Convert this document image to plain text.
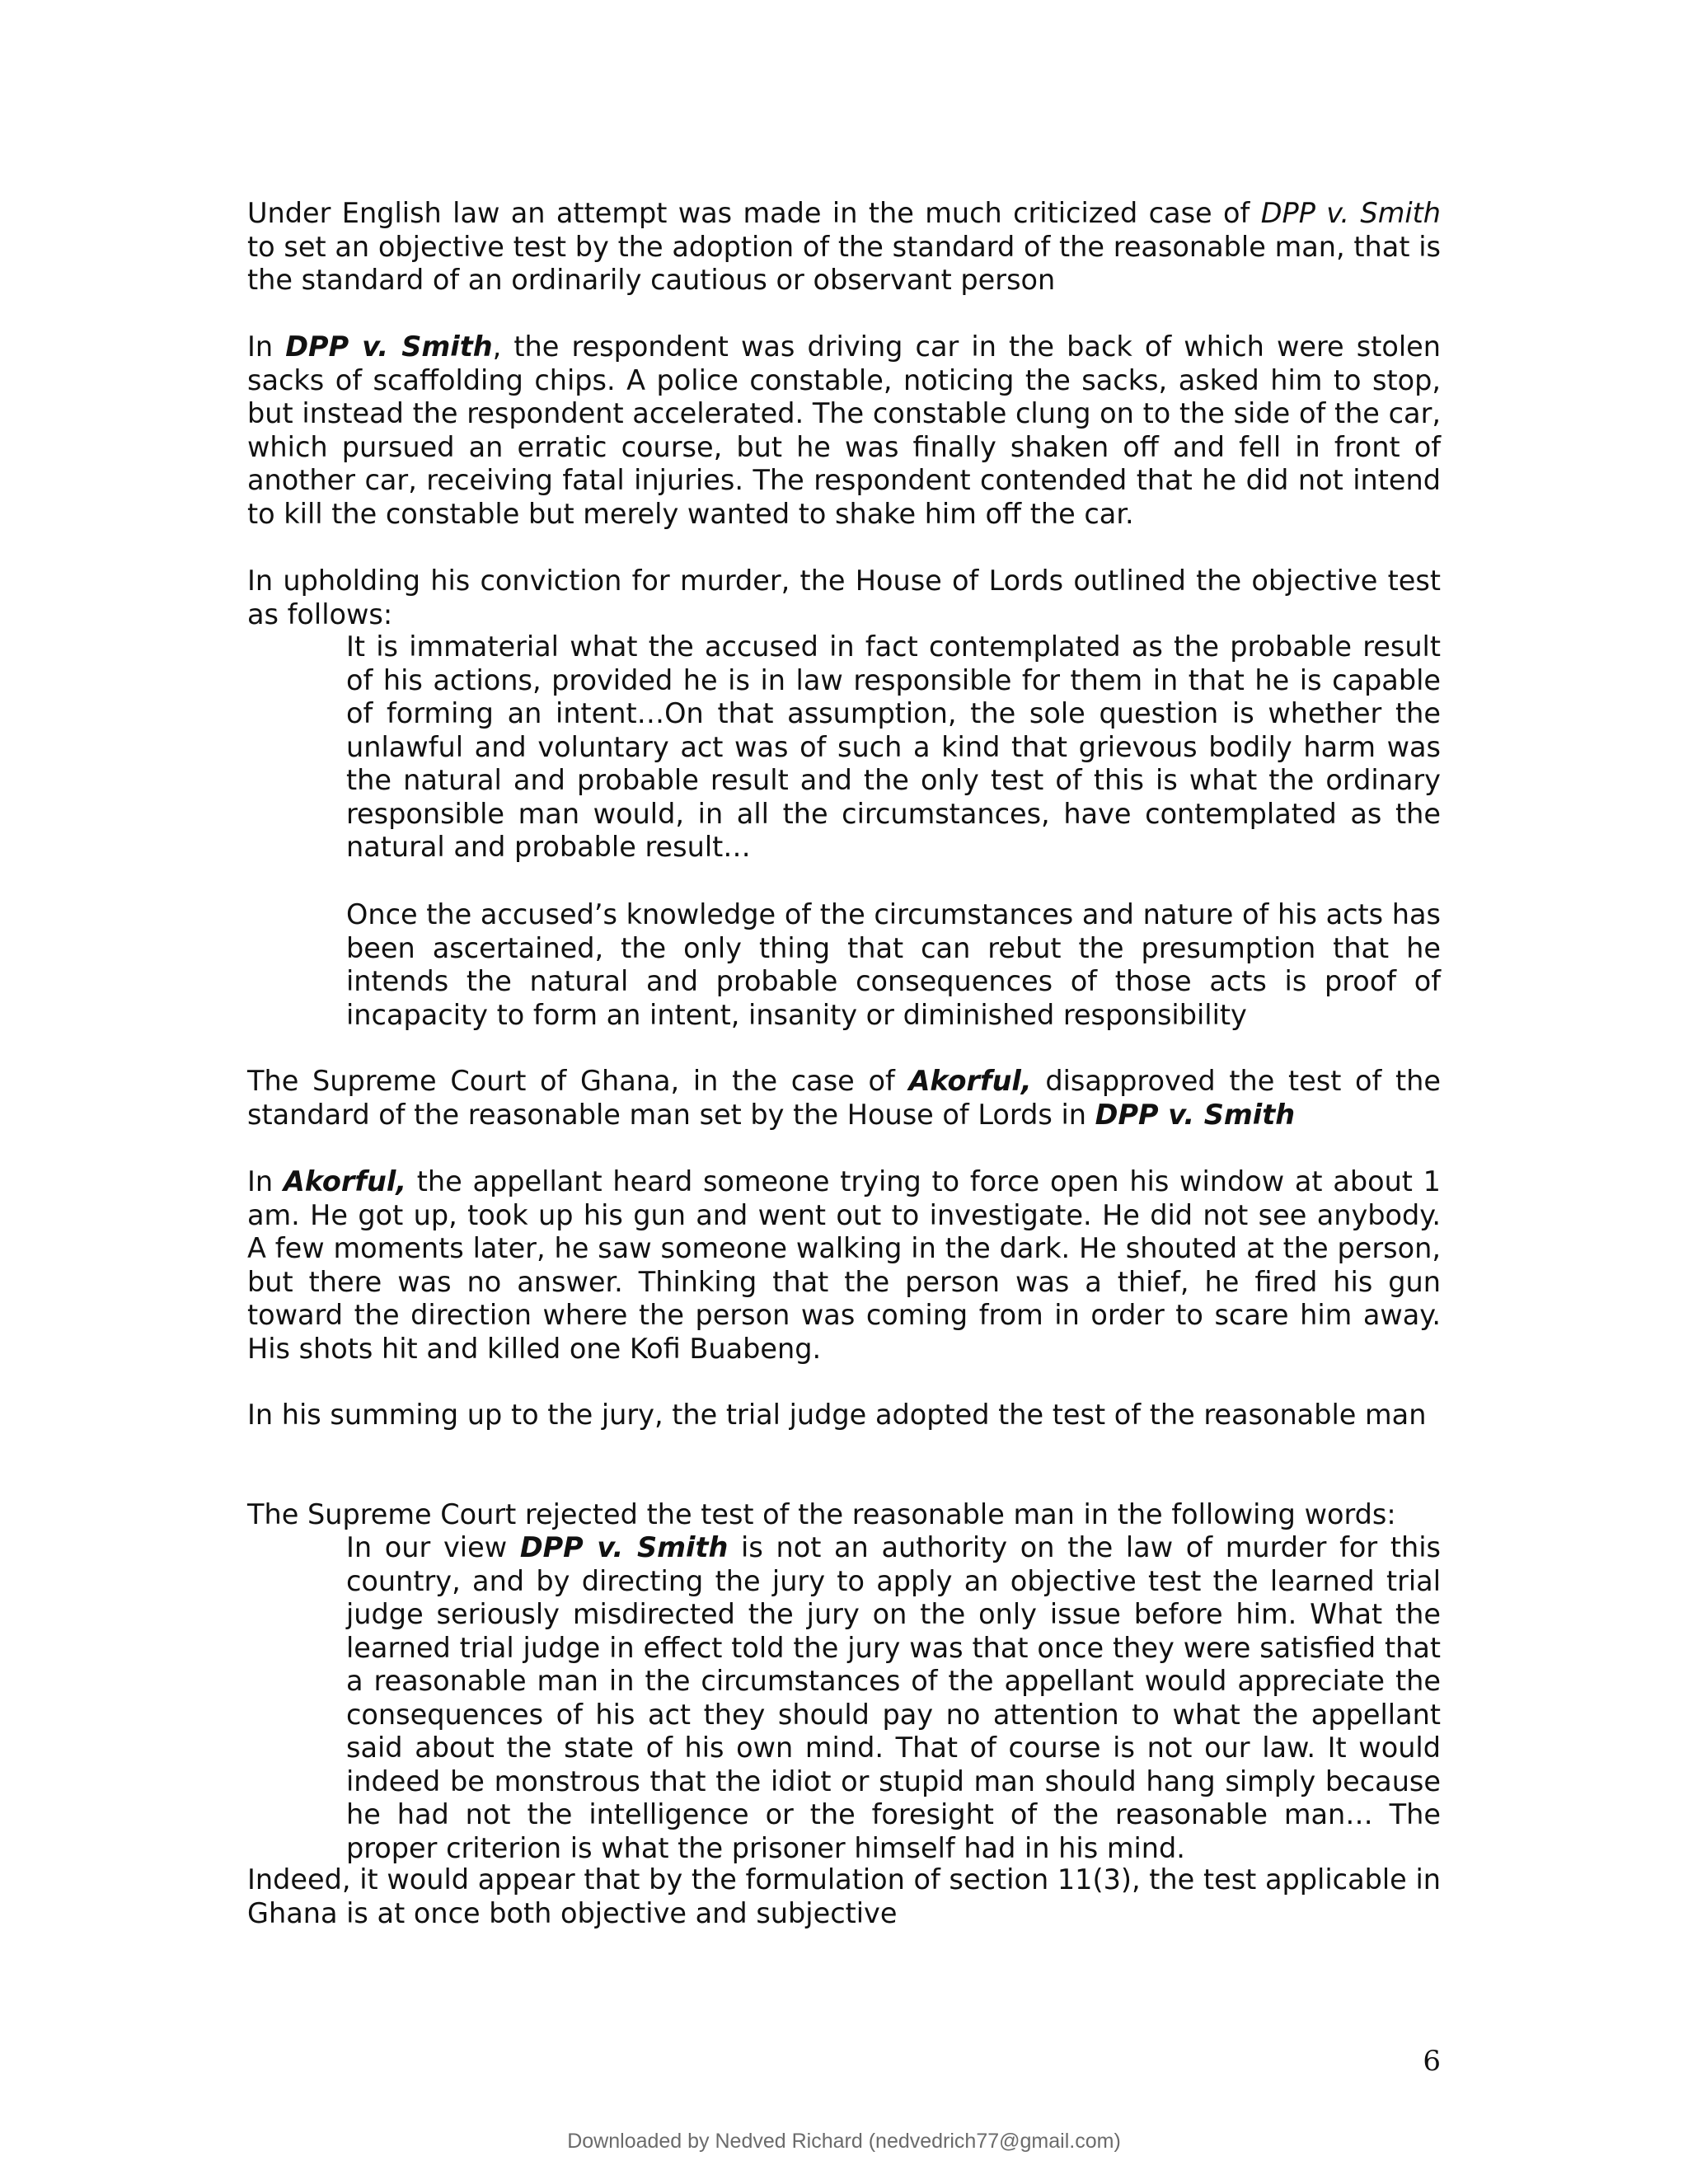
Under English law an attempt was made in the much criticized case of DPP v. Smith to set an objective test by the adoption of the standard of the reasonable man, that is the standard of an ordinarily cautious or observant person

In DPP v. Smith, the respondent was driving car in the back of which were stolen sacks of scaffolding chips. A police constable, noticing the sacks, asked him to stop, but instead the respondent accelerated. The constable clung on to the side of the car, which pursued an erratic course, but he was finally shaken off and fell in front of another car, receiving fatal injuries. The respondent contended that he did not intend to kill the constable but merely wanted to shake him off the car.

In upholding his conviction for murder, the House of Lords outlined the objective test as follows:

It is immaterial what the accused in fact contemplated as the probable result of his actions, provided he is in law responsible for them in that he is capable of forming an intent…On that assumption, the sole question is whether the unlawful and voluntary act was of such a kind that grievous bodily harm was the natural and probable result and the only test of this is what the ordinary responsible man would, in all the circumstances, have contemplated as the natural and probable result…

Once the accused’s knowledge of the circumstances and nature of his acts has been ascertained, the only thing that can rebut the presumption that he intends the natural and probable consequences of those acts is proof of incapacity to form an intent, insanity or diminished responsibility

The Supreme Court of Ghana, in the case of Akorful, disapproved the test of the standard of the reasonable man set by the House of Lords in DPP v. Smith

In Akorful, the appellant heard someone trying to force open his window at about 1 am. He got up, took up his gun and went out to investigate. He did not see anybody. A few moments later, he saw someone walking in the dark. He shouted at the person, but there was no answer. Thinking that the person was a thief, he fired his gun toward the direction where the person was coming from in order to scare him away. His shots hit and killed one Kofi Buabeng.

In his summing up to the jury, the trial judge adopted the test of the reasonable man

The Supreme Court rejected the test of the reasonable man in the following words:

In our view DPP v. Smith is not an authority on the law of murder for this country, and by directing the jury to apply an objective test the learned trial judge seriously misdirected the jury on the only issue before him. What the learned trial judge in effect told the jury was that once they were satisfied that a reasonable man in the circumstances of the appellant would appreciate the consequences of his act they should pay no attention to what the appellant said about the state of his own mind. That of course is not our law. It would indeed be monstrous that the idiot or stupid man should hang simply because he had not the intelligence or the foresight of the reasonable man… The proper criterion is what the prisoner himself had in his mind.

Indeed, it would appear that by the formulation of section 11(3), the test applicable in Ghana is at once both objective and subjective

6
Downloaded by Nedved Richard (nedvedrich77@gmail.com)
